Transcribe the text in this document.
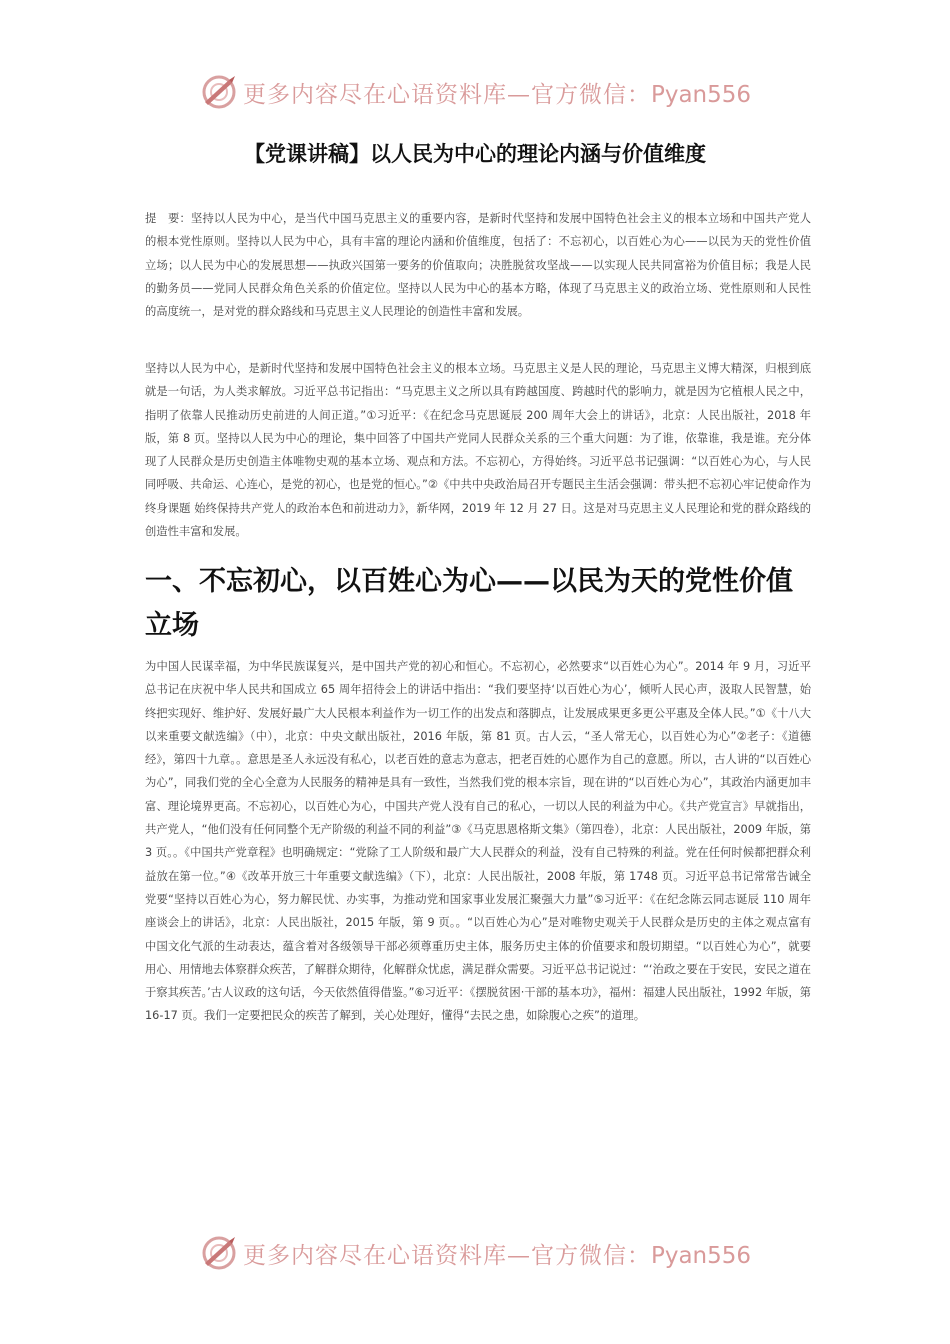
更多内容尽在心语资料库—官方微信：Pyan556
【党课讲稿】以人民为中心的理论内涵与价值维度
提　要：坚持以人民为中心，是当代中国马克思主义的重要内容，是新时代坚持和发展中国特色社会主义的根本立场和中国共产党人的根本党性原则。坚持以人民为中心，具有丰富的理论内涵和价值维度，包括了：不忘初心，以百姓心为心——以民为天的党性价值立场；以人民为中心的发展思想——执政兴国第一要务的价值取向；决胜脱贫攻坚战——以实现人民共同富裕为价值目标；我是人民的勤务员——党同人民群众角色关系的价值定位。坚持以人民为中心的基本方略，体现了马克思主义的政治立场、党性原则和人民性的高度统一，是对党的群众路线和马克思主义人民理论的创造性丰富和发展。
坚持以人民为中心，是新时代坚持和发展中国特色社会主义的根本立场。马克思主义是人民的理论，马克思主义博大精深，归根到底就是一句话，为人类求解放。习近平总书记指出：“马克思主义之所以具有跨越国度、跨越时代的影响力，就是因为它植根人民之中，指明了依靠人民推动历史前进的人间正道。”①习近平：《在纪念马克思诞辰 200 周年大会上的讲话》，北京：人民出版社，2018 年版，第 8 页。坚持以人民为中心的理论，集中回答了中国共产党同人民群众关系的三个重大问题：为了谁，依靠谁，我是谁。充分体现了人民群众是历史创造主体唯物史观的基本立场、观点和方法。不忘初心，方得始终。习近平总书记强调：“以百姓心为心，与人民同呼吸、共命运、心连心，是党的初心，也是党的恒心。”②《中共中央政治局召开专题民主生活会强调：带头把不忘初心牢记使命作为终身课题 始终保持共产党人的政治本色和前进动力》，新华网，2019 年 12 月 27 日。这是对马克思主义人民理论和党的群众路线的创造性丰富和发展。
一、不忘初心，以百姓心为心——以民为天的党性价值立场
为中国人民谋幸福，为中华民族谋复兴，是中国共产党的初心和恒心。不忘初心，必然要求“以百姓心为心”。2014 年 9 月，习近平总书记在庆祝中华人民共和国成立 65 周年招待会上的讲话中指出：“我们要坚持‘以百姓心为心’，倾听人民心声，汲取人民智慧，始终把实现好、维护好、发展好最广大人民根本利益作为一切工作的出发点和落脚点，让发展成果更多更公平惠及全体人民。”①《十八大以来重要文献选编》（中），北京：中央文献出版社，2016 年版，第 81 页。古人云，“圣人常无心，以百姓心为心”②老子：《道德经》，第四十九章。。意思是圣人永远没有私心，以老百姓的意志为意志，把老百姓的心愿作为自己的意愿。所以，古人讲的“以百姓心为心”，同我们党的全心全意为人民服务的精神是具有一致性，当然我们党的根本宗旨，现在讲的“以百姓心为心”，其政治内涵更加丰富、理论境界更高。不忘初心，以百姓心为心，中国共产党人没有自己的私心，一切以人民的利益为中心。《共产党宣言》早就指出，共产党人，“他们没有任何同整个无产阶级的利益不同的利益”③《马克思恩格斯文集》（第四卷），北京：人民出版社，2009 年版，第 3 页。。《中国共产党章程》也明确规定：“党除了工人阶级和最广大人民群众的利益，没有自己特殊的利益。党在任何时候都把群众利益放在第一位。”④《改革开放三十年重要文献选编》（下），北京：人民出版社，2008 年版，第 1748 页。习近平总书记常常告诫全党要“坚持以百姓心为心，努力解民忧、办实事，为推动党和国家事业发展汇聚强大力量”⑤习近平：《在纪念陈云同志诞辰 110 周年座谈会上的讲话》，北京：人民出版社，2015 年版，第 9 页。。“以百姓心为心”是对唯物史观关于人民群众是历史的主体之观点富有中国文化气派的生动表达，蕴含着对各级领导干部必须尊重历史主体，服务历史主体的价值要求和殷切期望。“以百姓心为心”，就要用心、用情地去体察群众疾苦，了解群众期待，化解群众忧虑，满足群众需要。习近平总书记说过：“‘治政之要在于安民，安民之道在于察其疾苦。’古人议政的这句话，今天依然值得借鉴。”⑥习近平：《摆脱贫困·干部的基本功》，福州：福建人民出版社，1992 年版，第 16-17 页。我们一定要把民众的疾苦了解到，关心处理好，懂得“去民之患，如除腹心之疾”的道理。
更多内容尽在心语资料库—官方微信：Pyan556
